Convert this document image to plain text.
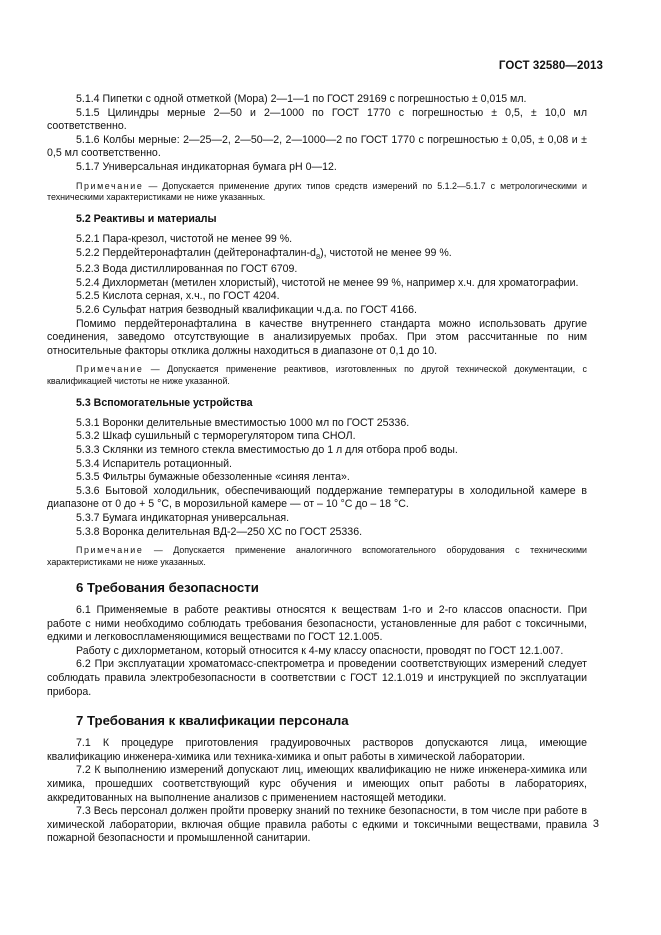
ГОСТ 32580—2013

5.1.4 Пипетки с одной отметкой (Мора) 2—1—1 по ГОСТ 29169 с погрешностью ± 0,015 мл.

5.1.5 Цилиндры мерные 2—50 и 2—1000 по ГОСТ 1770 с погрешностью ± 0,5, ± 10,0 мл соответственно.

5.1.6 Колбы мерные: 2—25—2, 2—50—2, 2—1000—2 по ГОСТ 1770 с погрешностью ± 0,05, ± 0,08 и ± 0,5 мл соответственно.

5.1.7 Универсальная индикаторная бумага рН 0—12.

Примечание — Допускается применение других типов средств измерений по 5.1.2—5.1.7 с метрологическими и техническими характеристиками не ниже указанных.

5.2 Реактивы и материалы

5.2.1 Пара-крезол, чистотой не менее 99 %.

5.2.2 Пердейтеронафталин $(дейтеронафталин-d_8)$, чистотой не менее 99 %.

5.2.3 Вода дистиллированная по ГОСТ 6709.

5.2.4 Дихлорметан (метилен хлористый), чистотой не менее 99 %, например х.ч. для хроматографии.

5.2.5 Кислота серная, х.ч., по ГОСТ 4204.

5.2.6 Сульфат натрия безводный квалификации ч.д.а. по ГОСТ 4166.

Помимо пердейтеронафталина в качестве внутреннего стандарта можно использовать другие соединения, заведомо отсутствующие в анализируемых пробах. При этом рассчитанные по ним относительные факторы отклика должны находиться в диапазоне от 0,1 до 10.

Примечание — Допускается применение реактивов, изготовленных по другой технической документации, с квалификацией чистоты не ниже указанной.

5.3 Вспомогательные устройства

5.3.1 Воронки делительные вместимостью 1000 мл по ГОСТ 25336.

5.3.2 Шкаф сушильный с терморегулятором типа СНОЛ.

5.3.3 Склянки из темного стекла вместимостью до 1 л для отбора проб воды.

5.3.4 Испаритель ротационный.

5.3.5 Фильтры бумажные обеззоленные «синяя лента».

5.3.6 Бытовой холодильник, обеспечивающий поддержание температуры в холодильной камере в диапазоне от 0 до + 5 °С, в морозильной камере — от – 10 °С до – 18 °С.

5.3.7 Бумага индикаторная универсальная.

5.3.8 Воронка делительная ВД-2—250 ХС по ГОСТ 25336.

Примечание — Допускается применение аналогичного вспомогательного оборудования с техническими характеристиками не ниже указанных.

6 Требования безопасности

6.1 Применяемые в работе реактивы относятся к веществам 1-го и 2-го классов опасности. При работе с ними необходимо соблюдать требования безопасности, установленные для работ с токсичными, едкими и легковоспламеняющимися веществами по ГОСТ 12.1.005.

Работу с дихлорметаном, который относится к 4-му классу опасности, проводят по ГОСТ 12.1.007.

6.2 При эксплуатации хроматомасс-спектрометра и проведении соответствующих измерений следует соблюдать правила электробезопасности в соответствии с ГОСТ 12.1.019 и инструкцией по эксплуатации прибора.

7 Требования к квалификации персонала

7.1 К процедуре приготовления градуировочных растворов допускаются лица, имеющие квалификацию инженера-химика или техника-химика и опыт работы в химической лаборатории.

7.2 К выполнению измерений допускают лиц, имеющих квалификацию не ниже инженера-химика или химика, прошедших соответствующий курс обучения и имеющих опыт работы в лабораториях, аккредитованных на выполнение анализов с применением настоящей методики.

7.3 Весь персонал должен пройти проверку знаний по технике безопасности, в том числе при работе в химической лаборатории, включая общие правила работы с едкими и токсичными веществами, правила пожарной безопасности и промышленной санитарии.

3
